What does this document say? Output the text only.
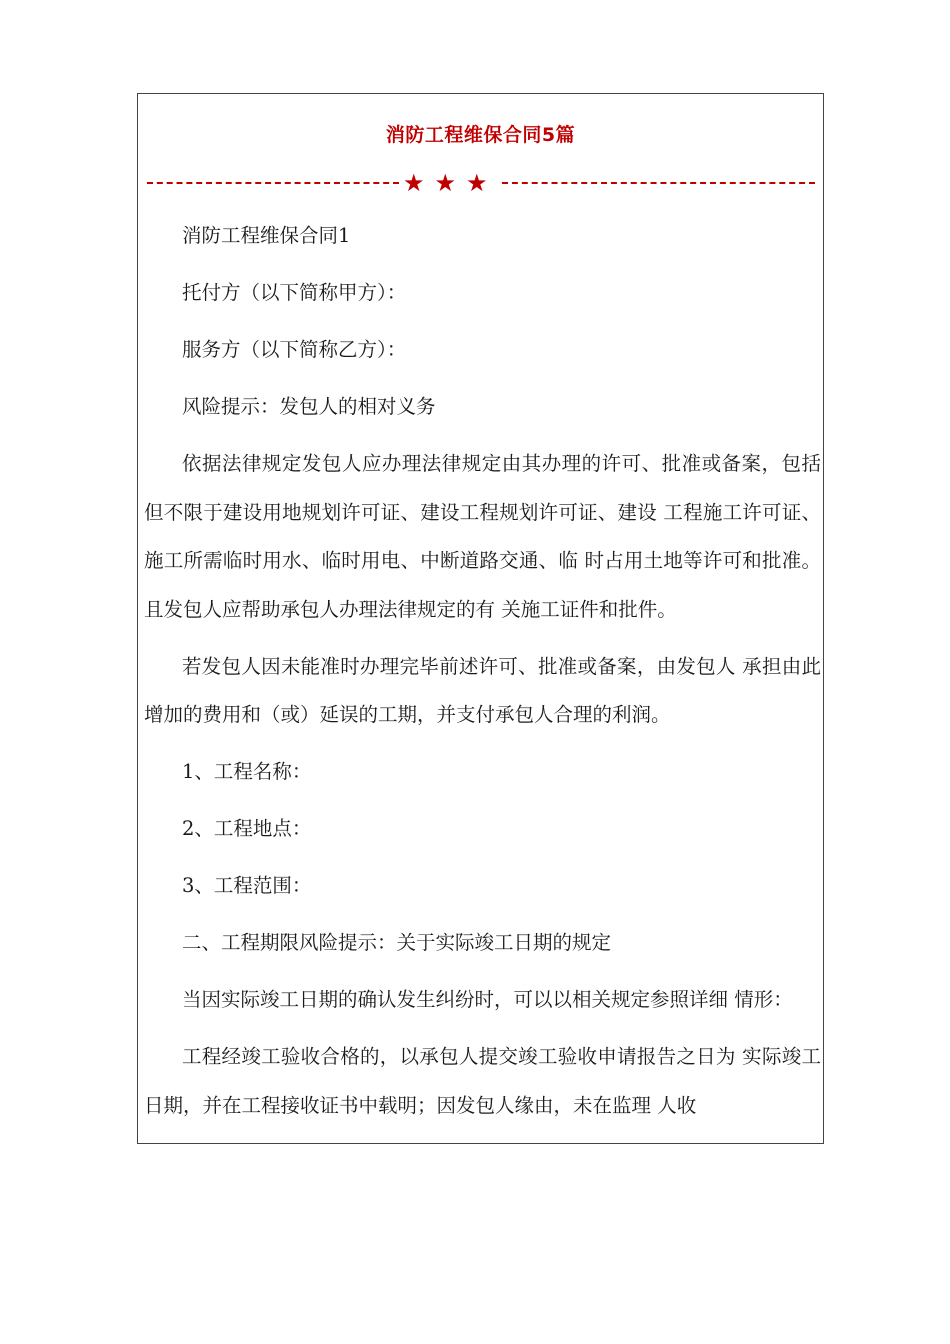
消防工程维保合同5篇
★★★

消防工程维保合同1

托付方（以下简称甲方）：

服务方（以下简称乙方）：

风险提示：发包人的相对义务

依据法律规定发包人应办理法律规定由其办理的许可、批准或备案，包括但不限于建设用地规划许可证、建设工程规划许可证、建设 工程施工许可证、施工所需临时用水、临时用电、中断道路交通、临 时占用土地等许可和批准。且发包人应帮助承包人办理法律规定的有 关施工证件和批件。

若发包人因未能准时办理完毕前述许可、批准或备案，由发包人 承担由此增加的费用和（或）延误的工期，并支付承包人合理的利润。

1、工程名称：

2、工程地点：

3、工程范围：

二、工程期限风险提示：关于实际竣工日期的规定

当因实际竣工日期的确认发生纠纷时，可以以相关规定参照详细 情形：

工程经竣工验收合格的，以承包人提交竣工验收申请报告之日为 实际竣工日期，并在工程接收证书中载明；因发包人缘由，未在监理 人收
